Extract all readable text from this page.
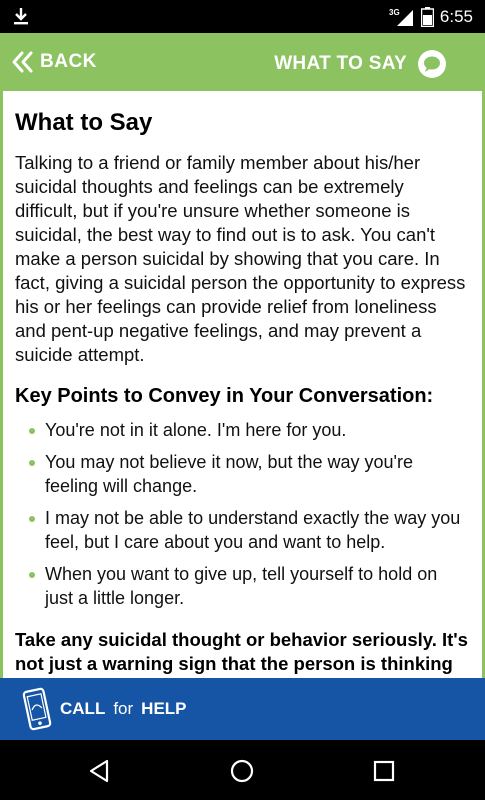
3G 6:55
BACK	WHAT TO SAY
What to Say

Talking to a friend or family member about his/her suicidal thoughts and feelings can be extremely difficult, but if you're unsure whether someone is suicidal, the best way to find out is to ask. You can't make a person suicidal by showing that you care. In fact, giving a suicidal person the opportunity to express his or her feelings can provide relief from loneliness and pent-up negative feelings, and may prevent a suicide attempt.

Key Points to Convey in Your Conversation:
You're not in it alone. I'm here for you.
You may not believe it now, but the way you're feeling will change.
I may not be able to understand exactly the way you feel, but I care about you and want to help.
When you want to give up, tell yourself to hold on just a little longer.

Take any suicidal thought or behavior seriously. It's not just a warning sign that the person is thinking

CALL for HELP
